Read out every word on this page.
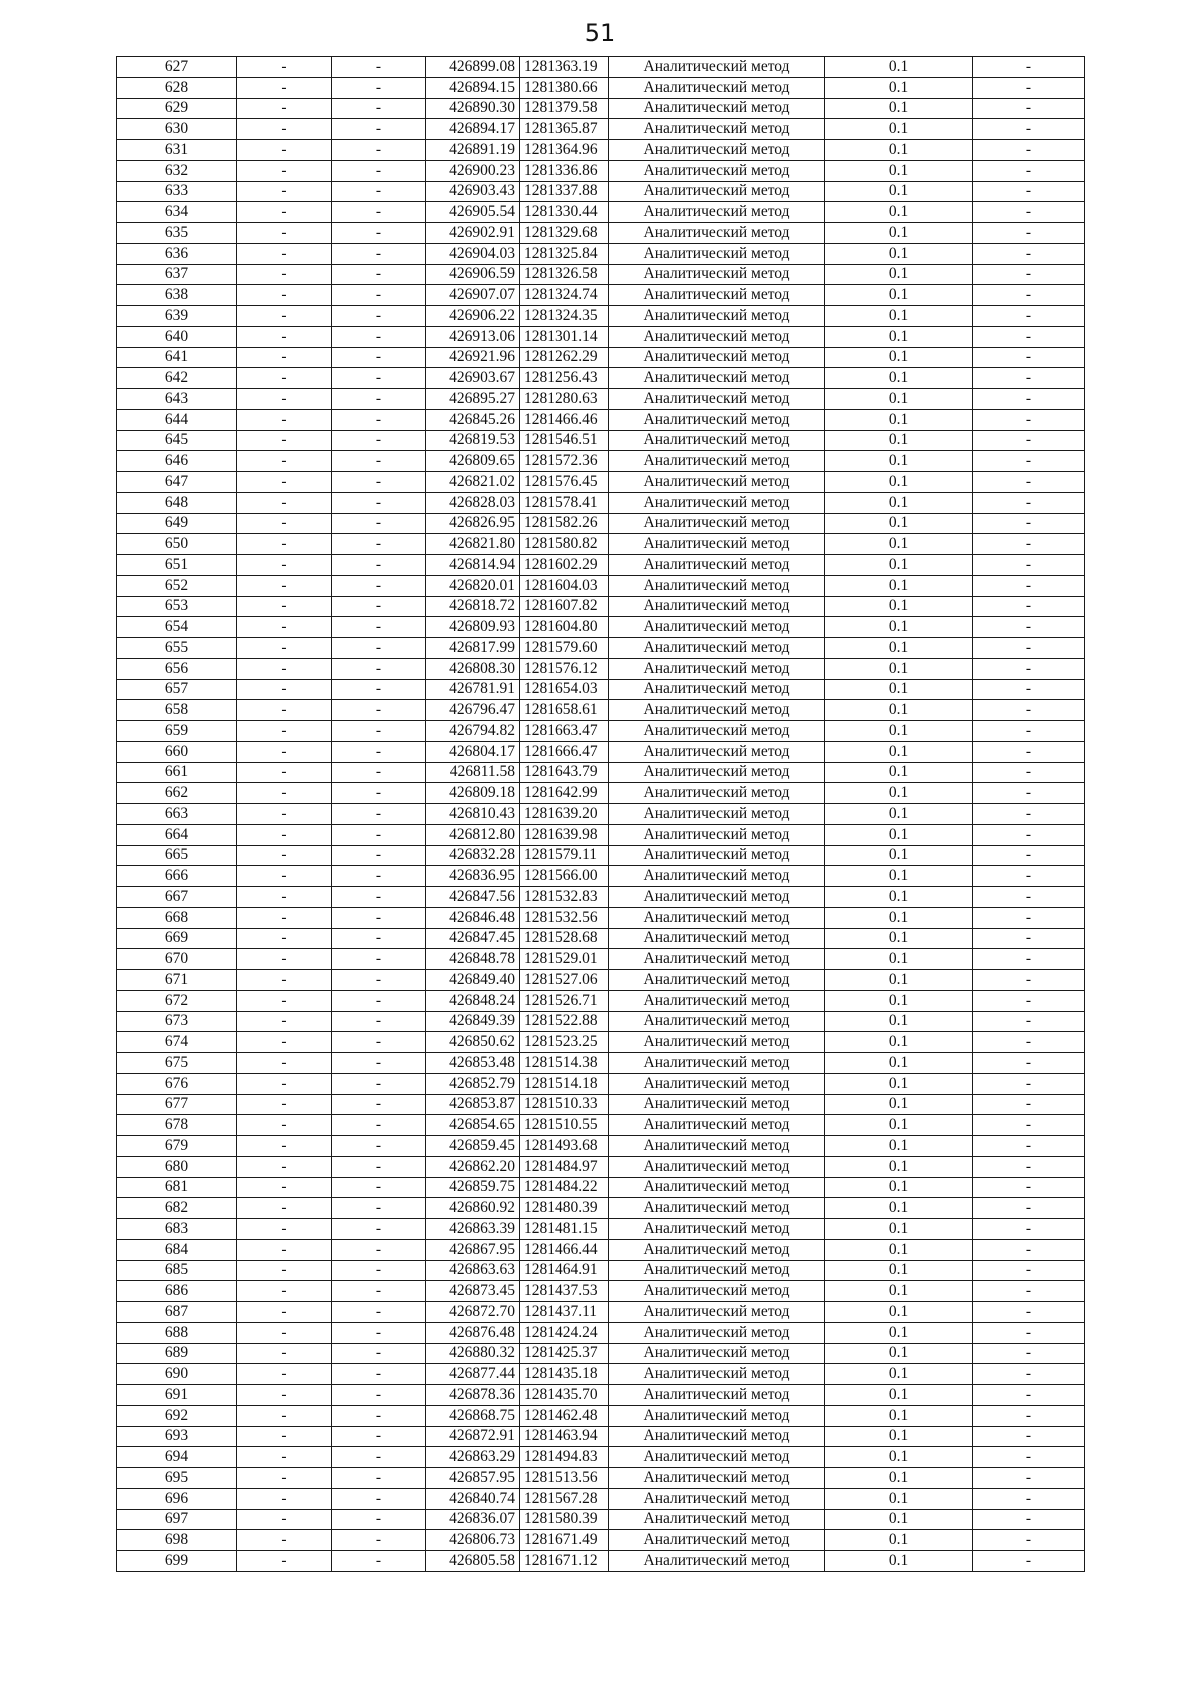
51
627	-	-	426899.08	1281363.19	Аналитический метод	0.1	-
628	-	-	426894.15	1281380.66	Аналитический метод	0.1	-
629	-	-	426890.30	1281379.58	Аналитический метод	0.1	-
630	-	-	426894.17	1281365.87	Аналитический метод	0.1	-
631	-	-	426891.19	1281364.96	Аналитический метод	0.1	-
632	-	-	426900.23	1281336.86	Аналитический метод	0.1	-
633	-	-	426903.43	1281337.88	Аналитический метод	0.1	-
634	-	-	426905.54	1281330.44	Аналитический метод	0.1	-
635	-	-	426902.91	1281329.68	Аналитический метод	0.1	-
636	-	-	426904.03	1281325.84	Аналитический метод	0.1	-
637	-	-	426906.59	1281326.58	Аналитический метод	0.1	-
638	-	-	426907.07	1281324.74	Аналитический метод	0.1	-
639	-	-	426906.22	1281324.35	Аналитический метод	0.1	-
640	-	-	426913.06	1281301.14	Аналитический метод	0.1	-
641	-	-	426921.96	1281262.29	Аналитический метод	0.1	-
642	-	-	426903.67	1281256.43	Аналитический метод	0.1	-
643	-	-	426895.27	1281280.63	Аналитический метод	0.1	-
644	-	-	426845.26	1281466.46	Аналитический метод	0.1	-
645	-	-	426819.53	1281546.51	Аналитический метод	0.1	-
646	-	-	426809.65	1281572.36	Аналитический метод	0.1	-
647	-	-	426821.02	1281576.45	Аналитический метод	0.1	-
648	-	-	426828.03	1281578.41	Аналитический метод	0.1	-
649	-	-	426826.95	1281582.26	Аналитический метод	0.1	-
650	-	-	426821.80	1281580.82	Аналитический метод	0.1	-
651	-	-	426814.94	1281602.29	Аналитический метод	0.1	-
652	-	-	426820.01	1281604.03	Аналитический метод	0.1	-
653	-	-	426818.72	1281607.82	Аналитический метод	0.1	-
654	-	-	426809.93	1281604.80	Аналитический метод	0.1	-
655	-	-	426817.99	1281579.60	Аналитический метод	0.1	-
656	-	-	426808.30	1281576.12	Аналитический метод	0.1	-
657	-	-	426781.91	1281654.03	Аналитический метод	0.1	-
658	-	-	426796.47	1281658.61	Аналитический метод	0.1	-
659	-	-	426794.82	1281663.47	Аналитический метод	0.1	-
660	-	-	426804.17	1281666.47	Аналитический метод	0.1	-
661	-	-	426811.58	1281643.79	Аналитический метод	0.1	-
662	-	-	426809.18	1281642.99	Аналитический метод	0.1	-
663	-	-	426810.43	1281639.20	Аналитический метод	0.1	-
664	-	-	426812.80	1281639.98	Аналитический метод	0.1	-
665	-	-	426832.28	1281579.11	Аналитический метод	0.1	-
666	-	-	426836.95	1281566.00	Аналитический метод	0.1	-
667	-	-	426847.56	1281532.83	Аналитический метод	0.1	-
668	-	-	426846.48	1281532.56	Аналитический метод	0.1	-
669	-	-	426847.45	1281528.68	Аналитический метод	0.1	-
670	-	-	426848.78	1281529.01	Аналитический метод	0.1	-
671	-	-	426849.40	1281527.06	Аналитический метод	0.1	-
672	-	-	426848.24	1281526.71	Аналитический метод	0.1	-
673	-	-	426849.39	1281522.88	Аналитический метод	0.1	-
674	-	-	426850.62	1281523.25	Аналитический метод	0.1	-
675	-	-	426853.48	1281514.38	Аналитический метод	0.1	-
676	-	-	426852.79	1281514.18	Аналитический метод	0.1	-
677	-	-	426853.87	1281510.33	Аналитический метод	0.1	-
678	-	-	426854.65	1281510.55	Аналитический метод	0.1	-
679	-	-	426859.45	1281493.68	Аналитический метод	0.1	-
680	-	-	426862.20	1281484.97	Аналитический метод	0.1	-
681	-	-	426859.75	1281484.22	Аналитический метод	0.1	-
682	-	-	426860.92	1281480.39	Аналитический метод	0.1	-
683	-	-	426863.39	1281481.15	Аналитический метод	0.1	-
684	-	-	426867.95	1281466.44	Аналитический метод	0.1	-
685	-	-	426863.63	1281464.91	Аналитический метод	0.1	-
686	-	-	426873.45	1281437.53	Аналитический метод	0.1	-
687	-	-	426872.70	1281437.11	Аналитический метод	0.1	-
688	-	-	426876.48	1281424.24	Аналитический метод	0.1	-
689	-	-	426880.32	1281425.37	Аналитический метод	0.1	-
690	-	-	426877.44	1281435.18	Аналитический метод	0.1	-
691	-	-	426878.36	1281435.70	Аналитический метод	0.1	-
692	-	-	426868.75	1281462.48	Аналитический метод	0.1	-
693	-	-	426872.91	1281463.94	Аналитический метод	0.1	-
694	-	-	426863.29	1281494.83	Аналитический метод	0.1	-
695	-	-	426857.95	1281513.56	Аналитический метод	0.1	-
696	-	-	426840.74	1281567.28	Аналитический метод	0.1	-
697	-	-	426836.07	1281580.39	Аналитический метод	0.1	-
698	-	-	426806.73	1281671.49	Аналитический метод	0.1	-
699	-	-	426805.58	1281671.12	Аналитический метод	0.1	-
